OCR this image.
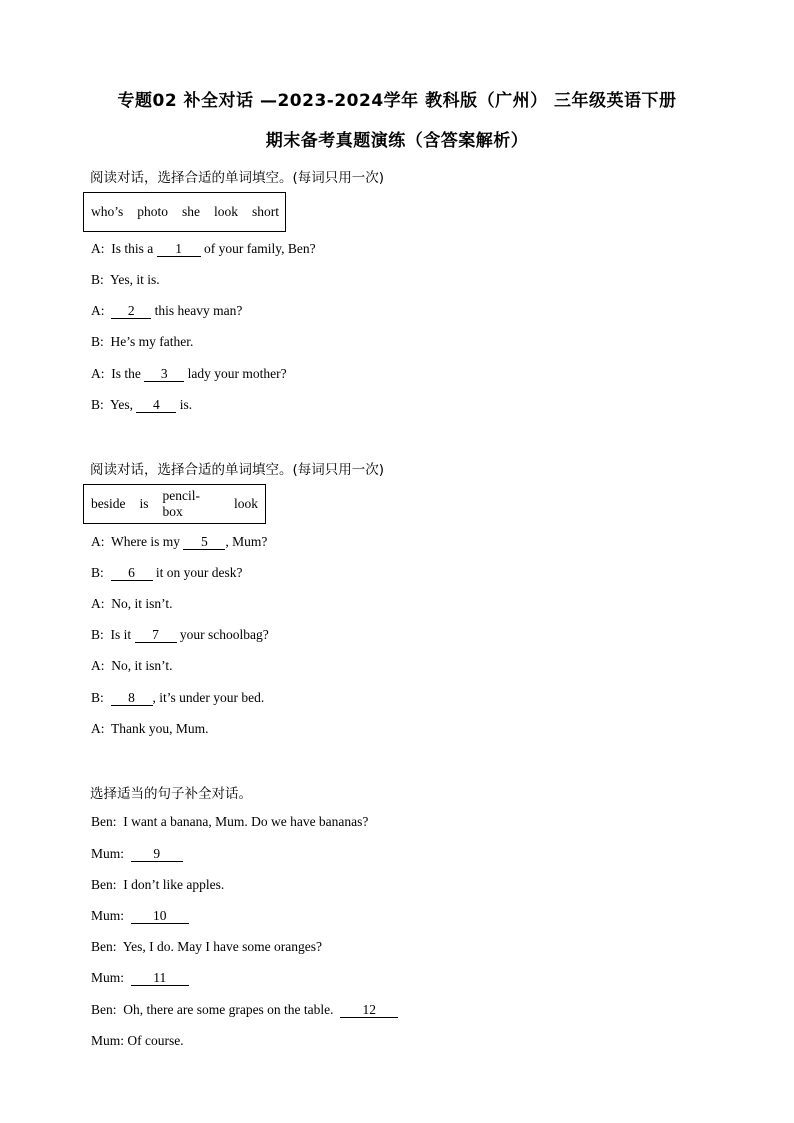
专题02 补全对话 —2023-2024学年 教科版（广州） 三年级英语下册
期末备考真题演练（含答案解析）
阅读对话，选择合适的单词填空。(每词只用一次)
who’s photo she look short
A:  Is this a 1 of your family, Ben?
B:  Yes, it is.
A:  2 this heavy man?
B:  He’s my father.
A:  Is the 3 lady your mother?
B:  Yes, 4 is.
阅读对话，选择合适的单词填空。(每词只用一次)
beside is
pencil-box
look
A:  Where is my 5 , Mum?
B:  6 it on your desk?
A:  No, it isn’t.
B:  Is it 7 your schoolbag?
A:  No, it isn’t.
B:  8 , it’s under your bed.
A:  Thank you, Mum.
选择适当的句子补全对话。
Ben:  I want a banana, Mum. Do we have bananas?
Mum:  9
Ben:  I don’t like apples.
Mum:  10
Ben:  Yes, I do. May I have some oranges?
Mum:  11
Ben:  Oh, there are some grapes on the table.  12
Mum: Of course.
